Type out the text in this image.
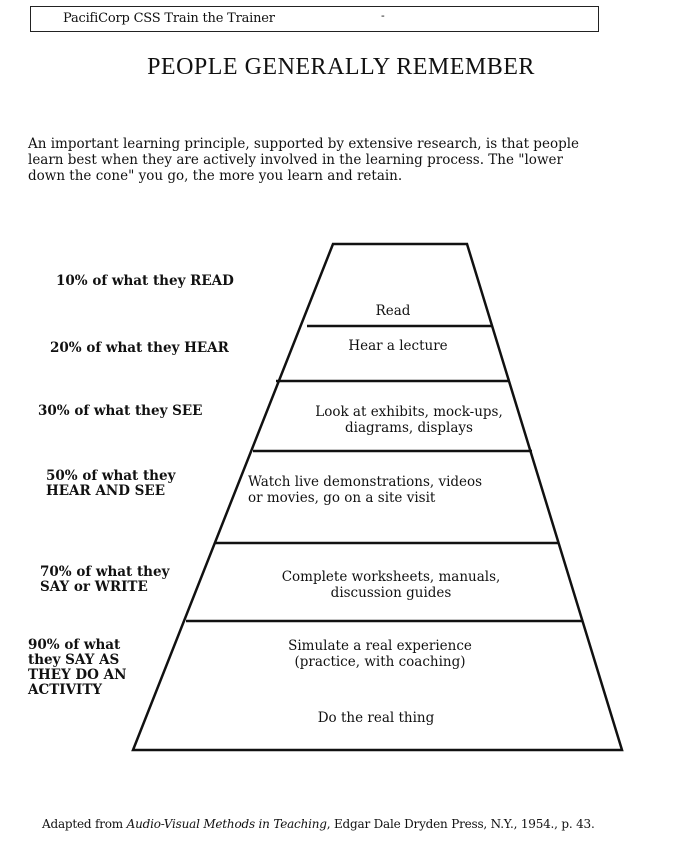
PacifiCorp CSS Train the Trainer	-
PEOPLE GENERALLY REMEMBER
An important learning principle, supported by extensive research, is that people learn best when they are actively involved in the learning process. The "lower down the cone" you go, the more you learn and retain.
10% of what they READ
20% of what they HEAR
30% of what they SEE
50% of what they
HEAR AND SEE
70% of what they
SAY or WRITE
90% of what
they SAY AS
THEY DO AN
ACTIVITY
Read
Hear a lecture
Look at exhibits, mock-ups,
diagrams, displays
Watch live demonstrations, videos
or movies, go on a site visit
Complete worksheets, manuals,
discussion guides
Simulate a real experience
(practice, with coaching)
Do the real thing
Adapted from Audio-Visual Methods in Teaching, Edgar Dale Dryden Press, N.Y., 1954., p. 43.
